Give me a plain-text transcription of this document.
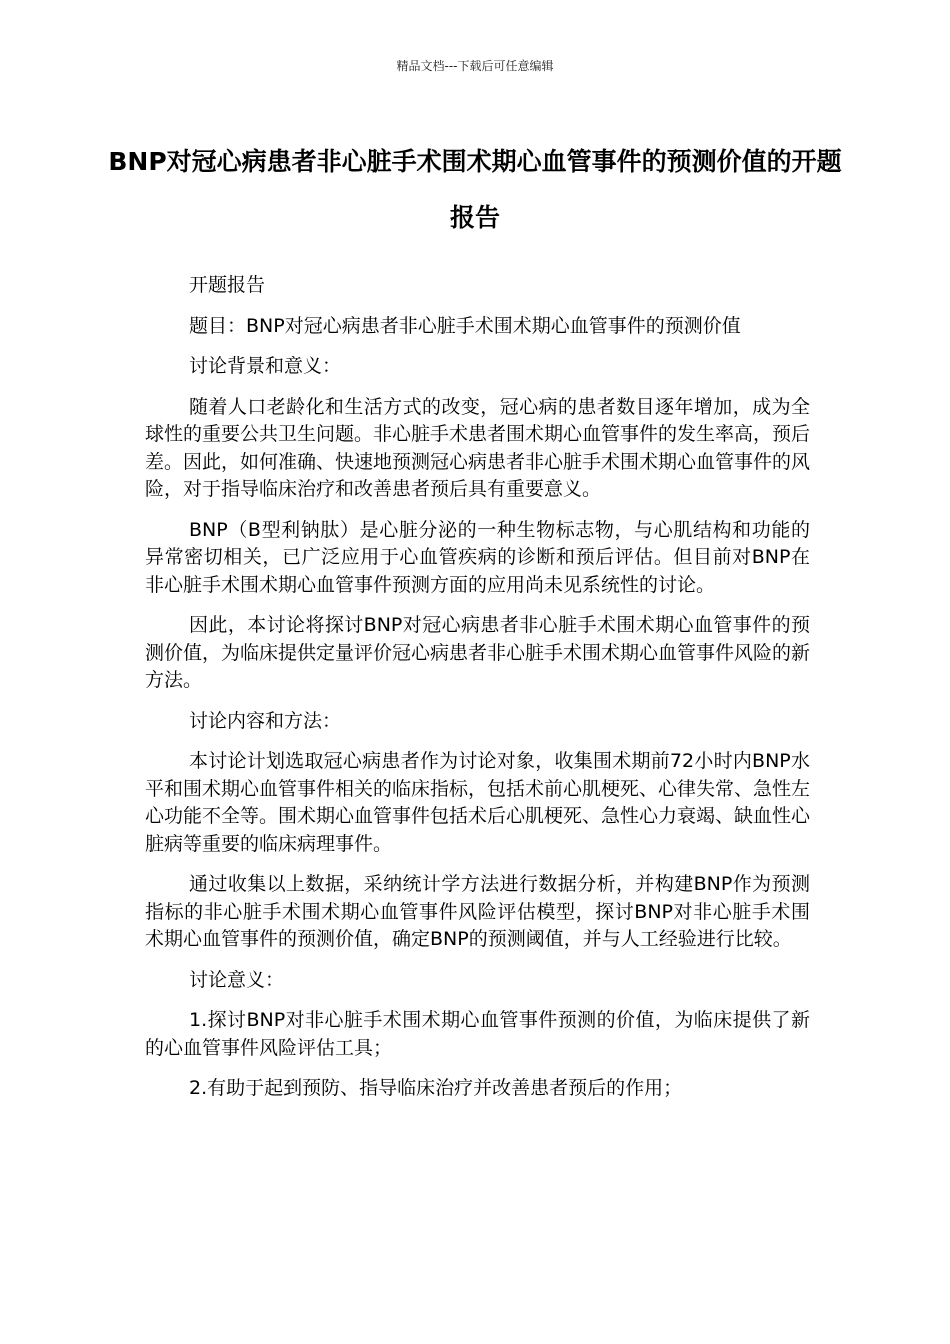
精品文档---下载后可任意编辑
BNP对冠心病患者非心脏手术围术期心血管事件的预测价值的开题报告

开题报告

题目：BNP对冠心病患者非心脏手术围术期心血管事件的预测价值

讨论背景和意义：

随着人口老龄化和生活方式的改变，冠心病的患者数目逐年增加，成为全球性的重要公共卫生问题。非心脏手术患者围术期心血管事件的发生率高，预后差。因此，如何准确、快速地预测冠心病患者非心脏手术围术期心血管事件的风险，对于指导临床治疗和改善患者预后具有重要意义。

BNP（B型利钠肽）是心脏分泌的一种生物标志物，与心肌结构和功能的异常密切相关，已广泛应用于心血管疾病的诊断和预后评估。但目前对BNP在非心脏手术围术期心血管事件预测方面的应用尚未见系统性的讨论。

因此，本讨论将探讨BNP对冠心病患者非心脏手术围术期心血管事件的预测价值，为临床提供定量评价冠心病患者非心脏手术围术期心血管事件风险的新方法。

讨论内容和方法：

本讨论计划选取冠心病患者作为讨论对象，收集围术期前72小时内BNP水平和围术期心血管事件相关的临床指标，包括术前心肌梗死、心律失常、急性左心功能不全等。围术期心血管事件包括术后心肌梗死、急性心力衰竭、缺血性心脏病等重要的临床病理事件。

通过收集以上数据，采纳统计学方法进行数据分析，并构建BNP作为预测指标的非心脏手术围术期心血管事件风险评估模型，探讨BNP对非心脏手术围术期心血管事件的预测价值，确定BNP的预测阈值，并与人工经验进行比较。

讨论意义：

1.探讨BNP对非心脏手术围术期心血管事件预测的价值，为临床提供了新的心血管事件风险评估工具；

2.有助于起到预防、指导临床治疗并改善患者预后的作用；
